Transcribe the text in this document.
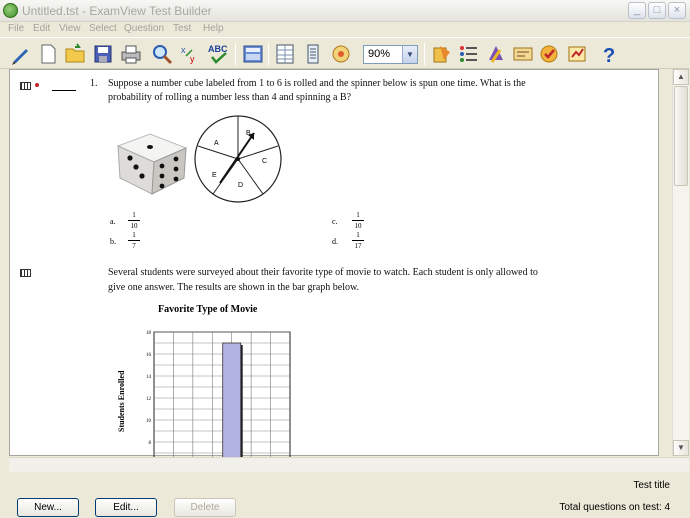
Untitled.tst - ExamView Test Builder	_	□	×
File Edit View Select Question Test Help
x
y
ABC	90%	▼	?
1. Suppose a number cube labeled from 1 to 6 is rolled and the spinner below is spun one time. What is the
probability of rolling a number less than 4 and spinning a B?
A
B
C
D
E
a.
1
10
b.
1
7
c.
1
10
d.
1
17
Several students were surveyed about their favorite type of movie to watch. Each student is only allowed to
give one answer. The results are shown in the bar graph below.
Favorite Type of Movie
Students Enrolled
18
16
14
12
10
8
▲
▼
Test title
Total questions on test: 4
New...	Edit...	Delete
